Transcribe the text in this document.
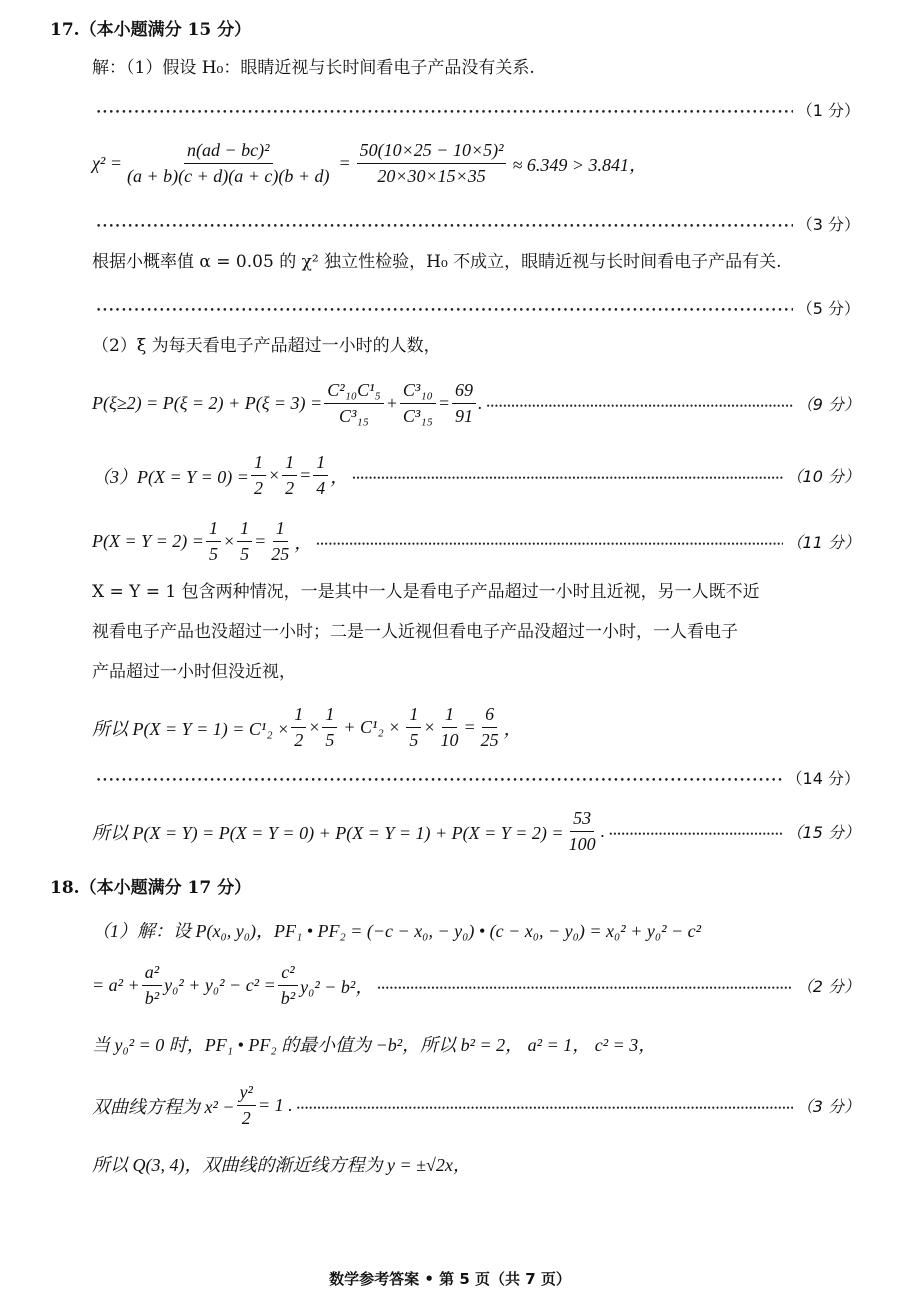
17.（本小题满分 15 分）
解：（1）假设 H₀：眼睛近视与长时间看电子产品没有关系.
•••••
（1 分）
$\chi^2 = \frac{\text{n(ad − bc)²}}{(a + b)(c + d)(a + c)(b + d)} = \frac{\text{50(10×25 − 10×5)²}}{20\times 30\times 15\times 35} \approx 6.349 > 3.841$，
•••••
（3 分）
根据小概率值 α = 0.05 的 χ² 独立性检验，H₀ 不成立，眼睛近视与长时间看电子产品有关.
•••••
（5 分）
（2）ξ 为每天看电子产品超过一小时的人数，
$P(\xi\ge 2) = P(\xi = 2) + P(\xi = 3) = \frac{\text{C²₁₀C¹₅}}{\text{C³₁₅}} + \frac{\text{C³₁₀}}{\text{C³₁₅}} = \frac{69}{91}$ . •••••	（9 分）
$(3)P(X = Y = 0) = \frac{1}{2} \times \frac{1}{2} = \frac{1}{4}$ ， •••••	（10 分）
$P(X = Y = 2) = \frac{1}{5} \times \frac{1}{5} = \frac{1}{25}$ ， •••••	（11 分）
X = Y = 1 包含两种情况，一是其中一人是看电子产品超过一小时且近视，另一人既不近
视看电子产品也没超过一小时；二是一人近视但看电子产品没超过一小时，一人看电子
产品超过一小时但没近视，
所以 $P(X = Y = 1) = C^1_2 \times \frac{1}{2} \times \frac{1}{5} + C^1_2 \times \frac{1}{5} \times \frac{1}{10} = \frac{6}{25}$ ，
•••••
（14 分）
所以 $P(X = Y) = P(X = Y = 0) + P(X = Y = 1) + P(X = Y = 2) = \frac{53}{100}$ . •••••	（15 分）
18.（本小题满分 17 分）
（1）解：设 P(x₀, y₀)，PF₁ • PF₂ = (−c − x₀, − y₀) • (c − x₀, − y₀) = x₀² + y₀² − c²
= $a^2 + \frac{\text{a²}}{\text{b²}} y_0^2 + y_0^2 - c^2 = \frac{\text{c²}}{\text{b²}} y_0^2 - b^2$， •••••	（2 分）
当 y₀² = 0 时，PF₁ • PF₂ 的最小值为 −b²，所以 b² = 2， a² = 1， c² = 3，
双曲线方程为 $x^2 - \frac{\text{y²}}{2} = 1$ . •••••	（3 分）
所以 Q(3, 4)，双曲线的渐近线方程为 y = ±√2x，
数学参考答案 • 第 5 页（共 7 页）
